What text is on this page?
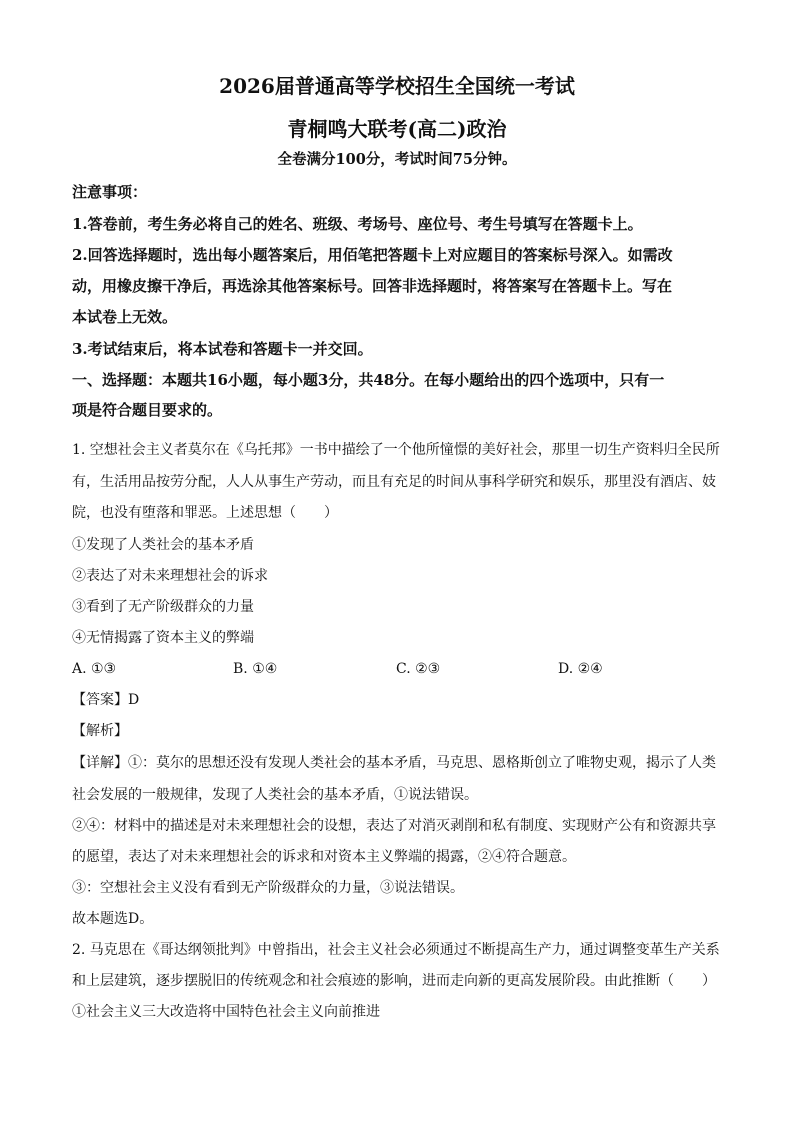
2026届普通高等学校招生全国统一考试
青桐鸣大联考(高二)政治
全卷满分100分，考试时间75分钟。
注意事项：
1.答卷前，考生务必将自己的姓名、班级、考场号、座位号、考生号填写在答题卡上。
2.回答选择题时，选出每小题答案后，用佰笔把答题卡上对应题目的答案标号深入。如需改
动，用橡皮擦干净后，再选涂其他答案标号。回答非选择题时，将答案写在答题卡上。写在
本试卷上无效。
3.考试结束后，将本试卷和答题卡一并交回。
一、选择题：本题共16小题，每小题3分，共48分。在每小题给出的四个选项中，只有一
项是符合题目要求的。
1. 空想社会主义者莫尔在《乌托邦》一书中描绘了一个他所憧憬的美好社会，那里一切生产资料归全民所
有，生活用品按劳分配，人人从事生产劳动，而且有充足的时间从事科学研究和娱乐，那里没有酒店、妓
院，也没有堕落和罪恶。上述思想（　　）
①发现了人类社会的基本矛盾
②表达了对未来理想社会的诉求
③看到了无产阶级群众的力量
④无情揭露了资本主义的弊端
A. ①③	B. ①④	C. ②③	D. ②④
【答案】D
【解析】
【详解】①：莫尔的思想还没有发现人类社会的基本矛盾，马克思、恩格斯创立了唯物史观，揭示了人类
社会发展的一般规律，发现了人类社会的基本矛盾，①说法错误。
②④：材料中的描述是对未来理想社会的设想，表达了对消灭剥削和私有制度、实现财产公有和资源共享
的愿望，表达了对未来理想社会的诉求和对资本主义弊端的揭露，②④符合题意。
③：空想社会主义没有看到无产阶级群众的力量，③说法错误。
故本题选D。
2. 马克思在《哥达纲领批判》中曾指出，社会主义社会必须通过不断提高生产力，通过调整变革生产关系
和上层建筑，逐步摆脱旧的传统观念和社会痕迹的影响，进而走向新的更高发展阶段。由此推断（　　）
①社会主义三大改造将中国特色社会主义向前推进
